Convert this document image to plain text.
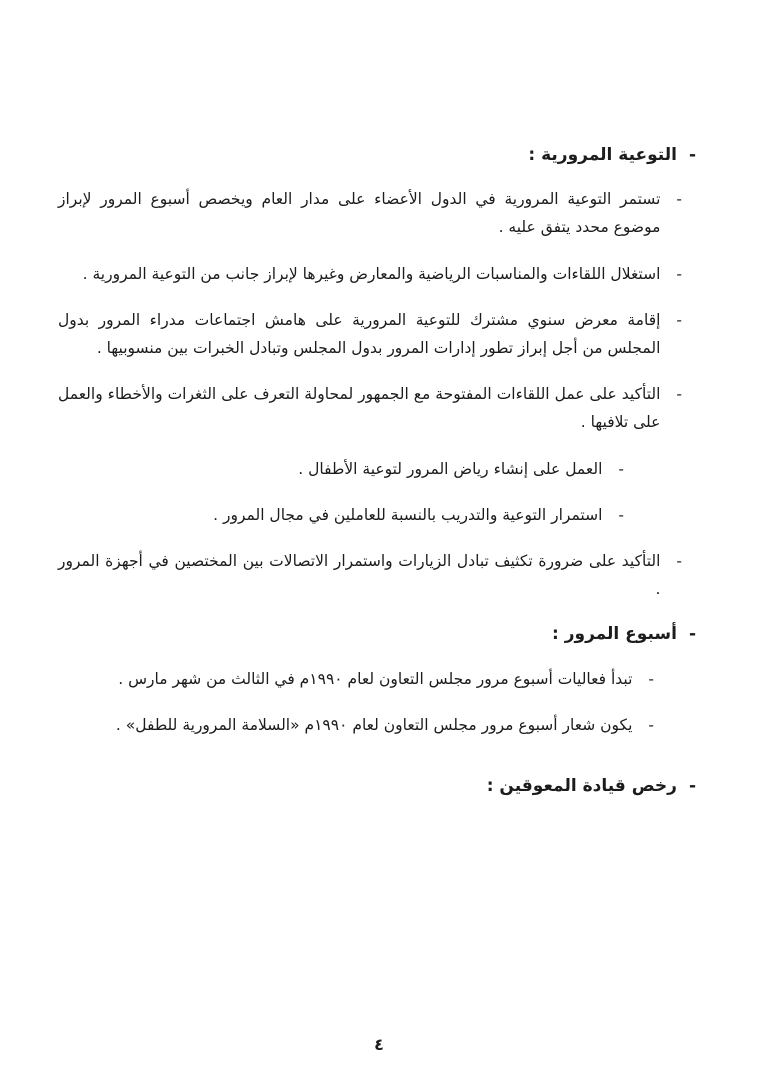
-
التوعية المرورية :
-
تستمر التوعية المرورية في الدول الأعضاء على مدار العام ويخصص أسبوع المرور لإبراز موضوع محدد يتفق عليه .
-
استغلال اللقاءات والمناسبات الرياضية والمعارض وغيرها لإبراز جانب من التوعية المرورية .
-
إقامة معرض سنوي مشترك للتوعية المرورية على هامش اجتماعات مدراء المرور بدول المجلس من أجل إبراز تطور إدارات المرور بدول المجلس وتبادل الخبرات بين منسوبيها .
-
التأكيد على عمل اللقاءات المفتوحة مع الجمهور لمحاولة التعرف على الثغرات والأخطاء والعمل على تلافيها .
-
العمل على إنشاء رياض المرور لتوعية الأطفال .
-
استمرار التوعية والتدريب بالنسبة للعاملين في مجال المرور .
-
التأكيد على ضرورة تكثيف تبادل الزيارات واستمرار الاتصالات بين المختصين في أجهزة المرور .
-
أسبوع المرور :
-
تبدأ فعاليات أسبوع مرور مجلس التعاون لعام ١٩٩٠م في الثالث من شهر مارس .
-
يكون شعار أسبوع مرور مجلس التعاون لعام ١٩٩٠م «السلامة المرورية للطفل» .
-
رخص قيادة المعوقين :
٤
